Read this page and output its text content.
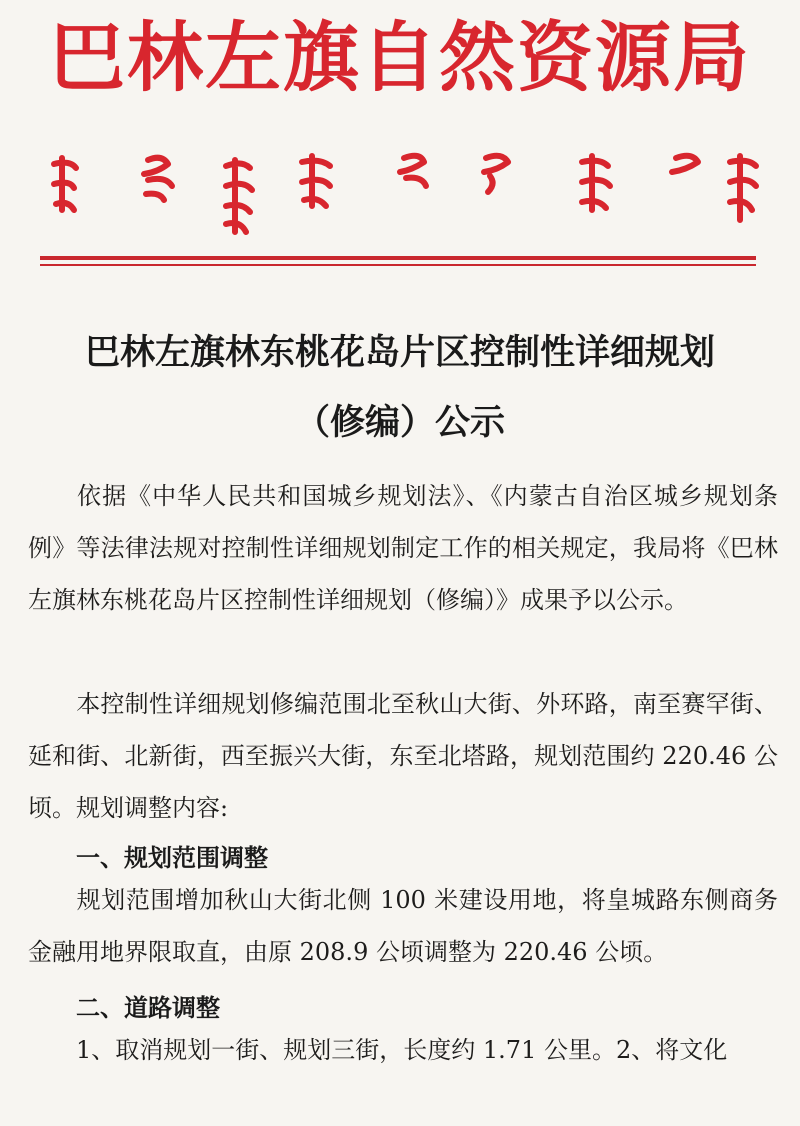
巴林左旗自然资源局
巴林左旗林东桃花岛片区控制性详细规划
（修编）公示
依据《中华人民共和国城乡规划法》、《内蒙古自治区城乡规划条例》等法律法规对控制性详细规划制定工作的相关规定，我局将《巴林左旗林东桃花岛片区控制性详细规划（修编）》成果予以公示。
本控制性详细规划修编范围北至秋山大街、外环路，南至赛罕街、延和街、北新街，西至振兴大街，东至北塔路，规划范围约 220.46 公顷。规划调整内容:
一、规划范围调整
规划范围增加秋山大街北侧 100 米建设用地，将皇城路东侧商务金融用地界限取直，由原 208.9 公顷调整为 220.46 公顷。
二、道路调整
1、取消规划一街、规划三街，长度约 1.71 公里。2、将文化
